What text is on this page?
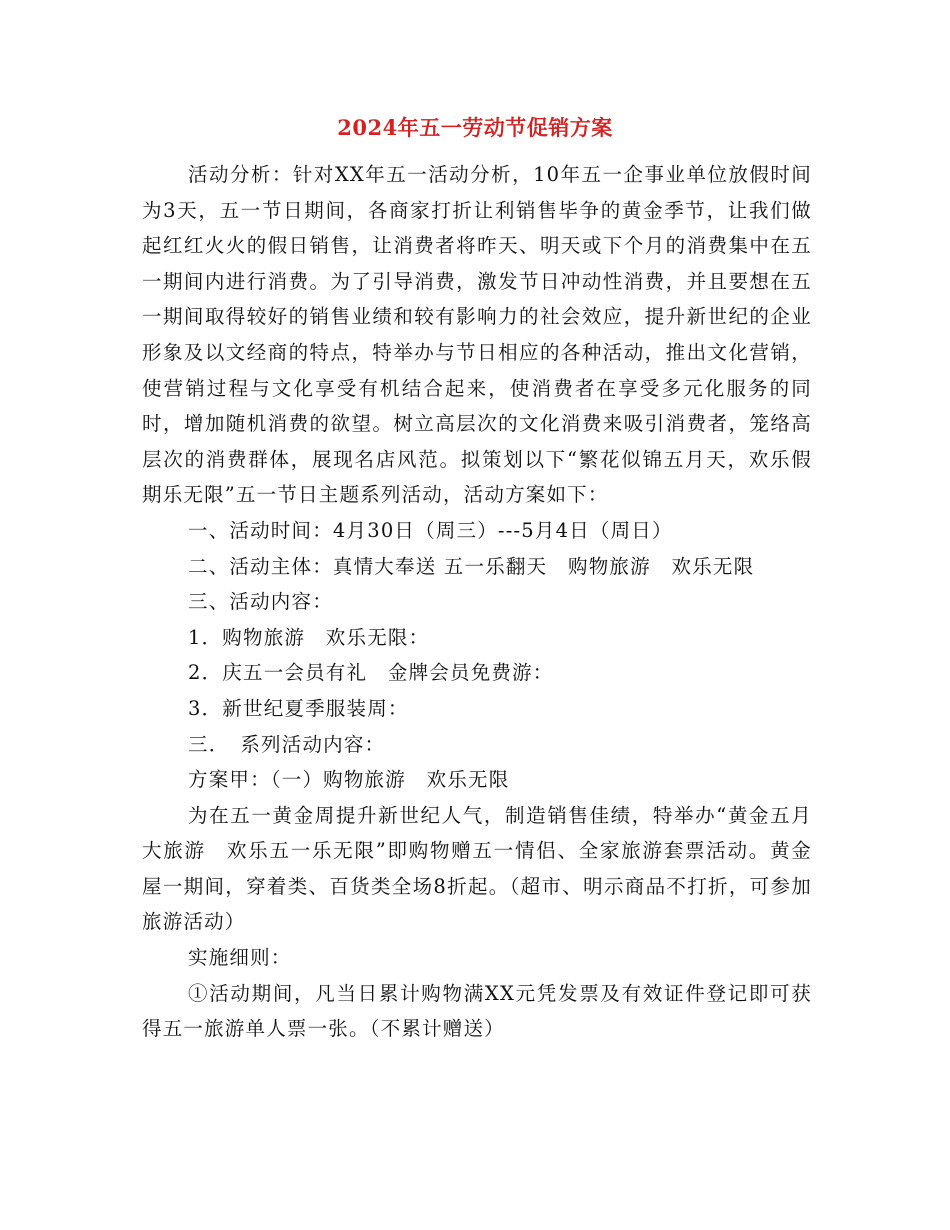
2024年五一劳动节促销方案

活动分析：针对XX年五一活动分析，10年五一企事业单位放假时间为3天，五一节日期间，各商家打折让利销售毕争的黄金季节，让我们做起红红火火的假日销售，让消费者将昨天、明天或下个月的消费集中在五一期间内进行消费。为了引导消费，激发节日冲动性消费，并且要想在五一期间取得较好的销售业绩和较有影响力的社会效应，提升新世纪的企业形象及以文经商的特点，特举办与节日相应的各种活动，推出文化营销，使营销过程与文化享受有机结合起来，使消费者在享受多元化服务的同时，增加随机消费的欲望。树立高层次的文化消费来吸引消费者，笼络高层次的消费群体，展现名店风范。拟策划以下“繁花似锦五月天，欢乐假期乐无限”五一节日主题系列活动，活动方案如下：

一、活动时间：4月30日（周三）---5月4日（周日）

二、活动主体：真情大奉送 五一乐翻天　购物旅游　欢乐无限

三、活动内容：

1．购物旅游　欢乐无限：

2．庆五一会员有礼　金牌会员免费游：

3．新世纪夏季服装周：

三．　系列活动内容：

方案甲：（一）购物旅游　欢乐无限

为在五一黄金周提升新世纪人气，制造销售佳绩，特举办“黄金五月大旅游　欢乐五一乐无限”即购物赠五一情侣、全家旅游套票活动。黄金屋一期间，穿着类、百货类全场8折起。（超市、明示商品不打折，可参加旅游活动）

实施细则：

①活动期间，凡当日累计购物满XX元凭发票及有效证件登记即可获得五一旅游单人票一张。（不累计赠送）
